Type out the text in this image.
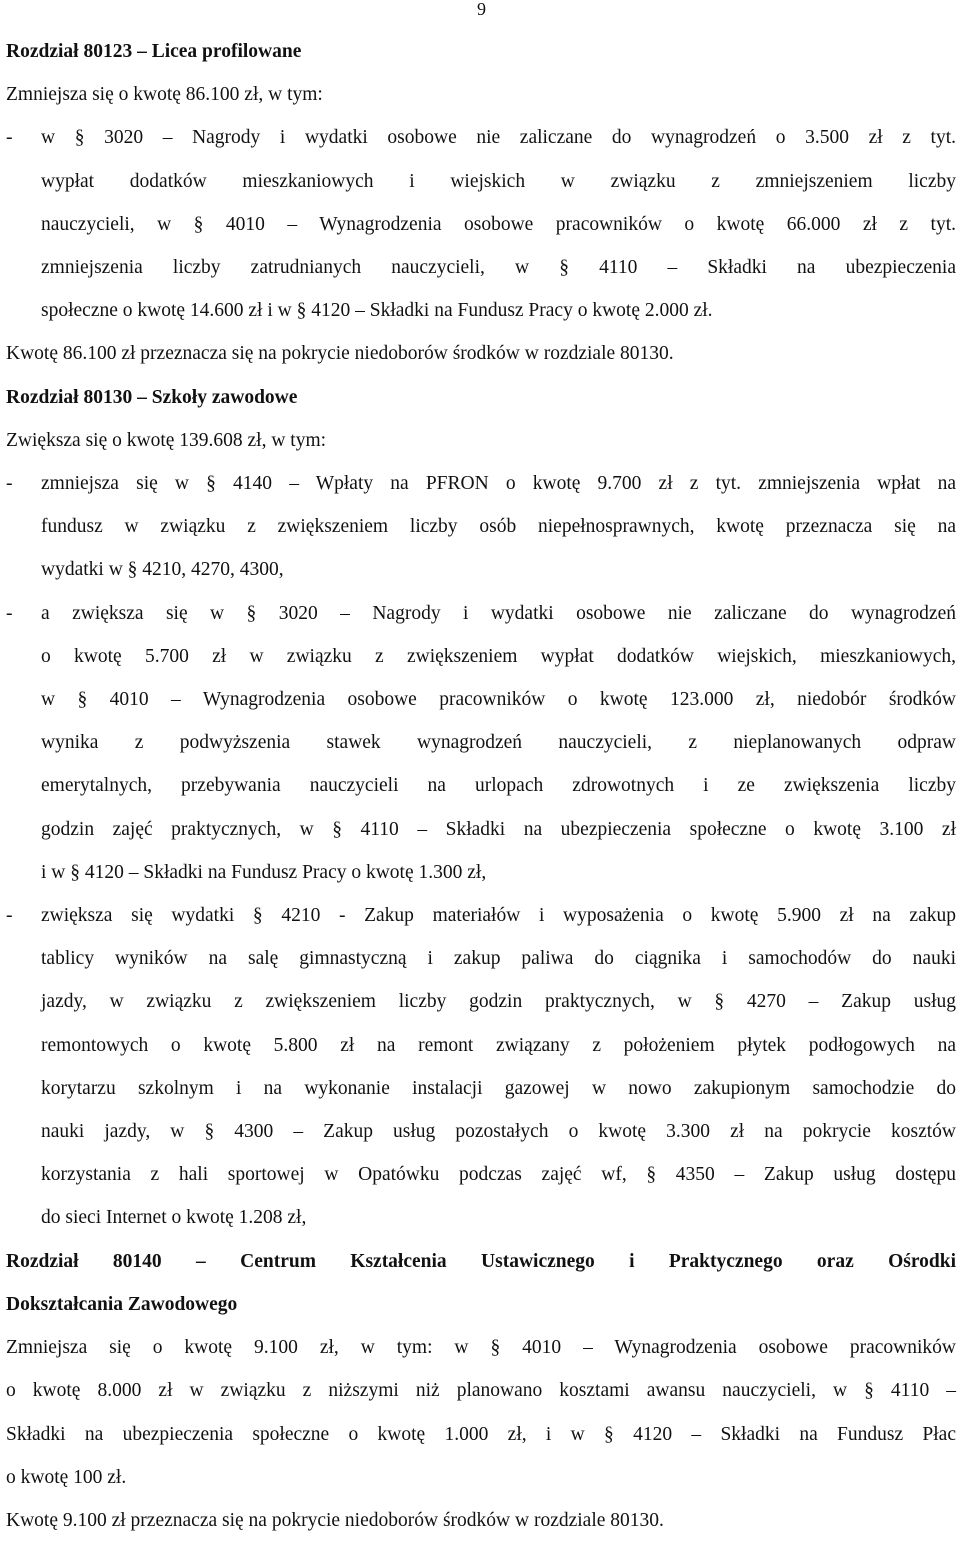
9
Rozdział 80123 – Licea profilowane

Zmniejsza się o kwotę 86.100 zł, w tym:

- w § 3020 – Nagrody i wydatki osobowe nie zaliczane do wynagrodzeń o 3.500 zł z tyt.

wypłat dodatków mieszkaniowych i wiejskich w związku z zmniejszeniem liczby

nauczycieli, w § 4010 – Wynagrodzenia osobowe pracowników o kwotę 66.000 zł z tyt.

zmniejszenia liczby zatrudnianych nauczycieli, w § 4110 – Składki na ubezpieczenia

społeczne o kwotę 14.600 zł i w § 4120 – Składki na Fundusz Pracy o kwotę 2.000 zł.

Kwotę 86.100 zł przeznacza się na pokrycie niedoborów środków w rozdziale 80130.

Rozdział 80130 – Szkoły zawodowe

Zwiększa się o kwotę 139.608 zł, w tym:

- zmniejsza się w § 4140 – Wpłaty na PFRON o kwotę 9.700 zł z tyt. zmniejszenia wpłat na

fundusz w związku z zwiększeniem liczby osób niepełnosprawnych, kwotę przeznacza się na

wydatki w § 4210, 4270, 4300,

- a zwiększa się w § 3020 – Nagrody i wydatki osobowe nie zaliczane do wynagrodzeń

o kwotę 5.700 zł w związku z zwiększeniem wypłat dodatków wiejskich, mieszkaniowych,

w § 4010 – Wynagrodzenia osobowe pracowników o kwotę 123.000 zł, niedobór środków

wynika z podwyższenia stawek wynagrodzeń nauczycieli, z nieplanowanych odpraw

emerytalnych, przebywania nauczycieli na urlopach zdrowotnych i ze zwiększenia liczby

godzin zajęć praktycznych, w § 4110 – Składki na ubezpieczenia społeczne o kwotę 3.100 zł

i w § 4120 – Składki na Fundusz Pracy o kwotę 1.300 zł,

- zwiększa się wydatki § 4210 - Zakup materiałów i wyposażenia o kwotę 5.900 zł na zakup

tablicy wyników na salę gimnastyczną i zakup paliwa do ciągnika i samochodów do nauki

jazdy, w związku z zwiększeniem liczby godzin praktycznych, w § 4270 – Zakup usług

remontowych o kwotę 5.800 zł na remont związany z położeniem płytek podłogowych na

korytarzu szkolnym i na wykonanie instalacji gazowej w nowo zakupionym samochodzie do

nauki jazdy, w § 4300 – Zakup usług pozostałych o kwotę 3.300 zł na pokrycie kosztów

korzystania z hali sportowej w Opatówku podczas zajęć wf, § 4350 – Zakup usług dostępu

do sieci Internet o kwotę 1.208 zł,

Rozdział 80140 – Centrum Kształcenia Ustawicznego i Praktycznego oraz Ośrodki
Dokształcania Zawodowego

Zmniejsza się o kwotę 9.100 zł, w tym: w § 4010 – Wynagrodzenia osobowe pracowników

o kwotę 8.000 zł w związku z niższymi niż planowano kosztami awansu nauczycieli, w § 4110 –

Składki na ubezpieczenia społeczne o kwotę 1.000 zł, i w § 4120 – Składki na Fundusz Płac

o kwotę 100 zł.

Kwotę 9.100 zł przeznacza się na pokrycie niedoborów środków w rozdziale 80130.
